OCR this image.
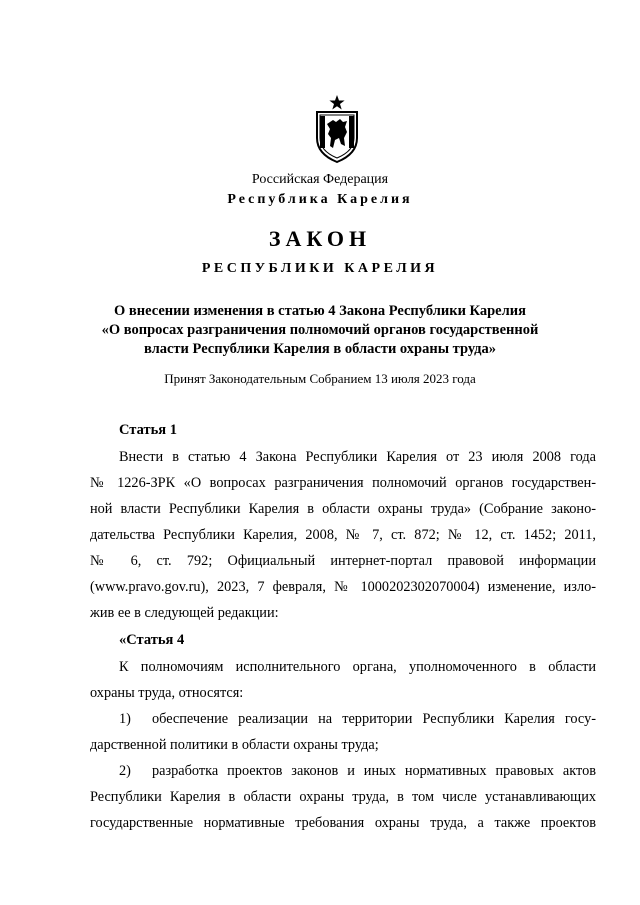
Российская Федерация
Республика Карелия
ЗАКОН
РЕСПУБЛИКИ КАРЕЛИЯ
О внесении изменения в статью 4 Закона Республики Карелия
«О вопросах разграничения полномочий органов государственной
власти Республики Карелия в области охраны труда»
Принят Законодательным Собранием 13 июля 2023 года
Статья 1
Внести в статью 4 Закона Республики Карелия от 23 июля 2008 года
№ 1226-ЗРК «О вопросах разграничения полномочий органов государствен-
ной власти Республики Карелия в области охраны труда» (Собрание законо-
дательства Республики Карелия, 2008, № 7, ст. 872; № 12, ст. 1452; 2011,
№ 6, ст. 792; Официальный интернет-портал правовой информации
(www.pravo.gov.ru), 2023, 7 февраля, № 1000202302070004) изменение, изло-
жив ее в следующей редакции:
«Статья 4
К полномочиям исполнительного органа, уполномоченного в области
охраны труда, относятся:
1) обеспечение реализации на территории Республики Карелия госу-
дарственной политики в области охраны труда;
2) разработка проектов законов и иных нормативных правовых актов
Республики Карелия в области охраны труда, в том числе устанавливающих
государственные нормативные требования охраны труда, а также проектов
